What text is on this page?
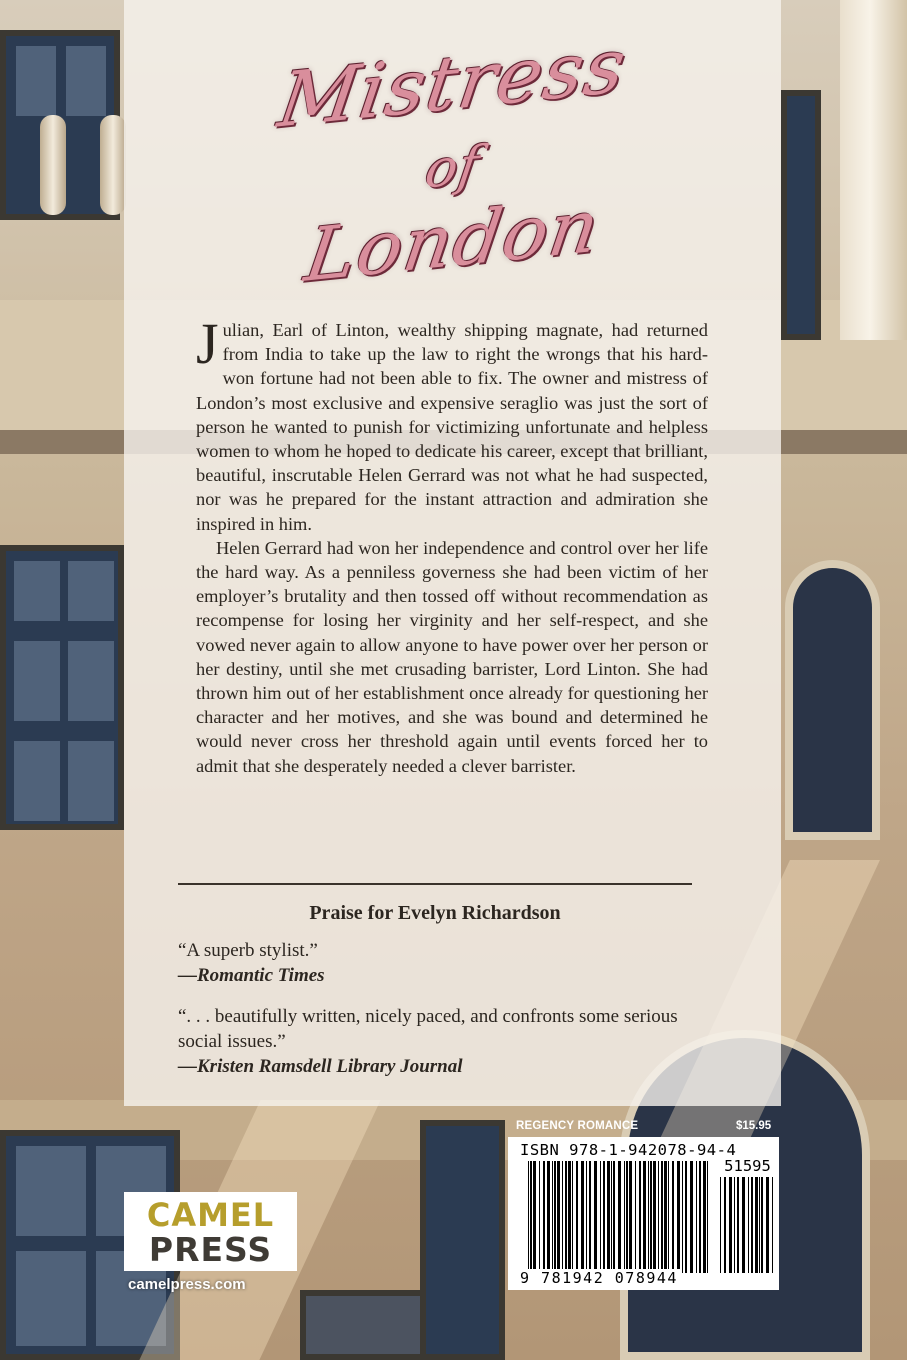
Mistress
of
London

Julian, Earl of Linton, wealthy shipping magnate, had returned from India to take up the law to right the wrongs that his hard-won fortune had not been able to fix. The owner and mistress of London’s most exclusive and expensive seraglio was just the sort of person he wanted to punish for victimizing unfortunate and helpless women to whom he hoped to dedicate his career, except that brilliant, beautiful, inscrutable Helen Gerrard was not what he had suspected, nor was he prepared for the instant attraction and admiration she inspired in him.

Helen Gerrard had won her independence and control over her life the hard way. As a penniless governess she had been victim of her employer’s brutality and then tossed off without recommendation as recompense for losing her virginity and her self-respect, and she vowed never again to allow anyone to have power over her person or her destiny, until she met crusading barrister, Lord Linton. She had thrown him out of her establishment once already for questioning her character and her motives, and she was bound and determined he would never cross her threshold again until events forced her to admit that she desperately needed a clever barrister.

Praise for Evelyn Richardson
“A superb stylist.”
—Romantic Times
“. . . beautifully written, nicely paced, and confronts some serious social issues.”
—Kristen Ramsdell Library Journal
CAMEL
PRESS
camelpress.com
REGENCY ROMANCE	$15.95
ISBN 978-1-942078-94-4
51595
9 781942 078944
